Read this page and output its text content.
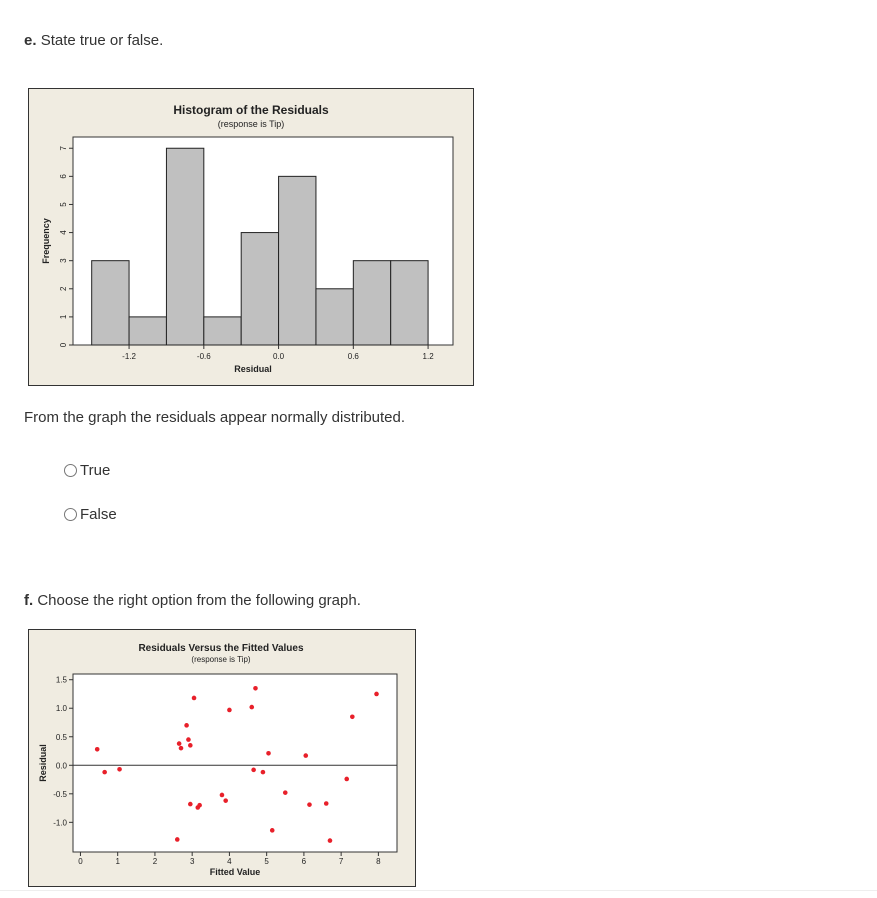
e. State true or false.
Histogram of the Residuals
(response is Tip)
0
1
2
3
4
5
6
7
-1.2	-0.6	0.0	0.6	1.2
Residual
Frequency
From the graph the residuals appear normally distributed.
True
False
f. Choose the right option from the following graph.
Residuals Versus the Fitted Values
(response is Tip)
-1.0
-0.5
0.0
0.5
1.0
1.5
0	1	2	3	4	5	6	7	8
Fitted Value
Residual
